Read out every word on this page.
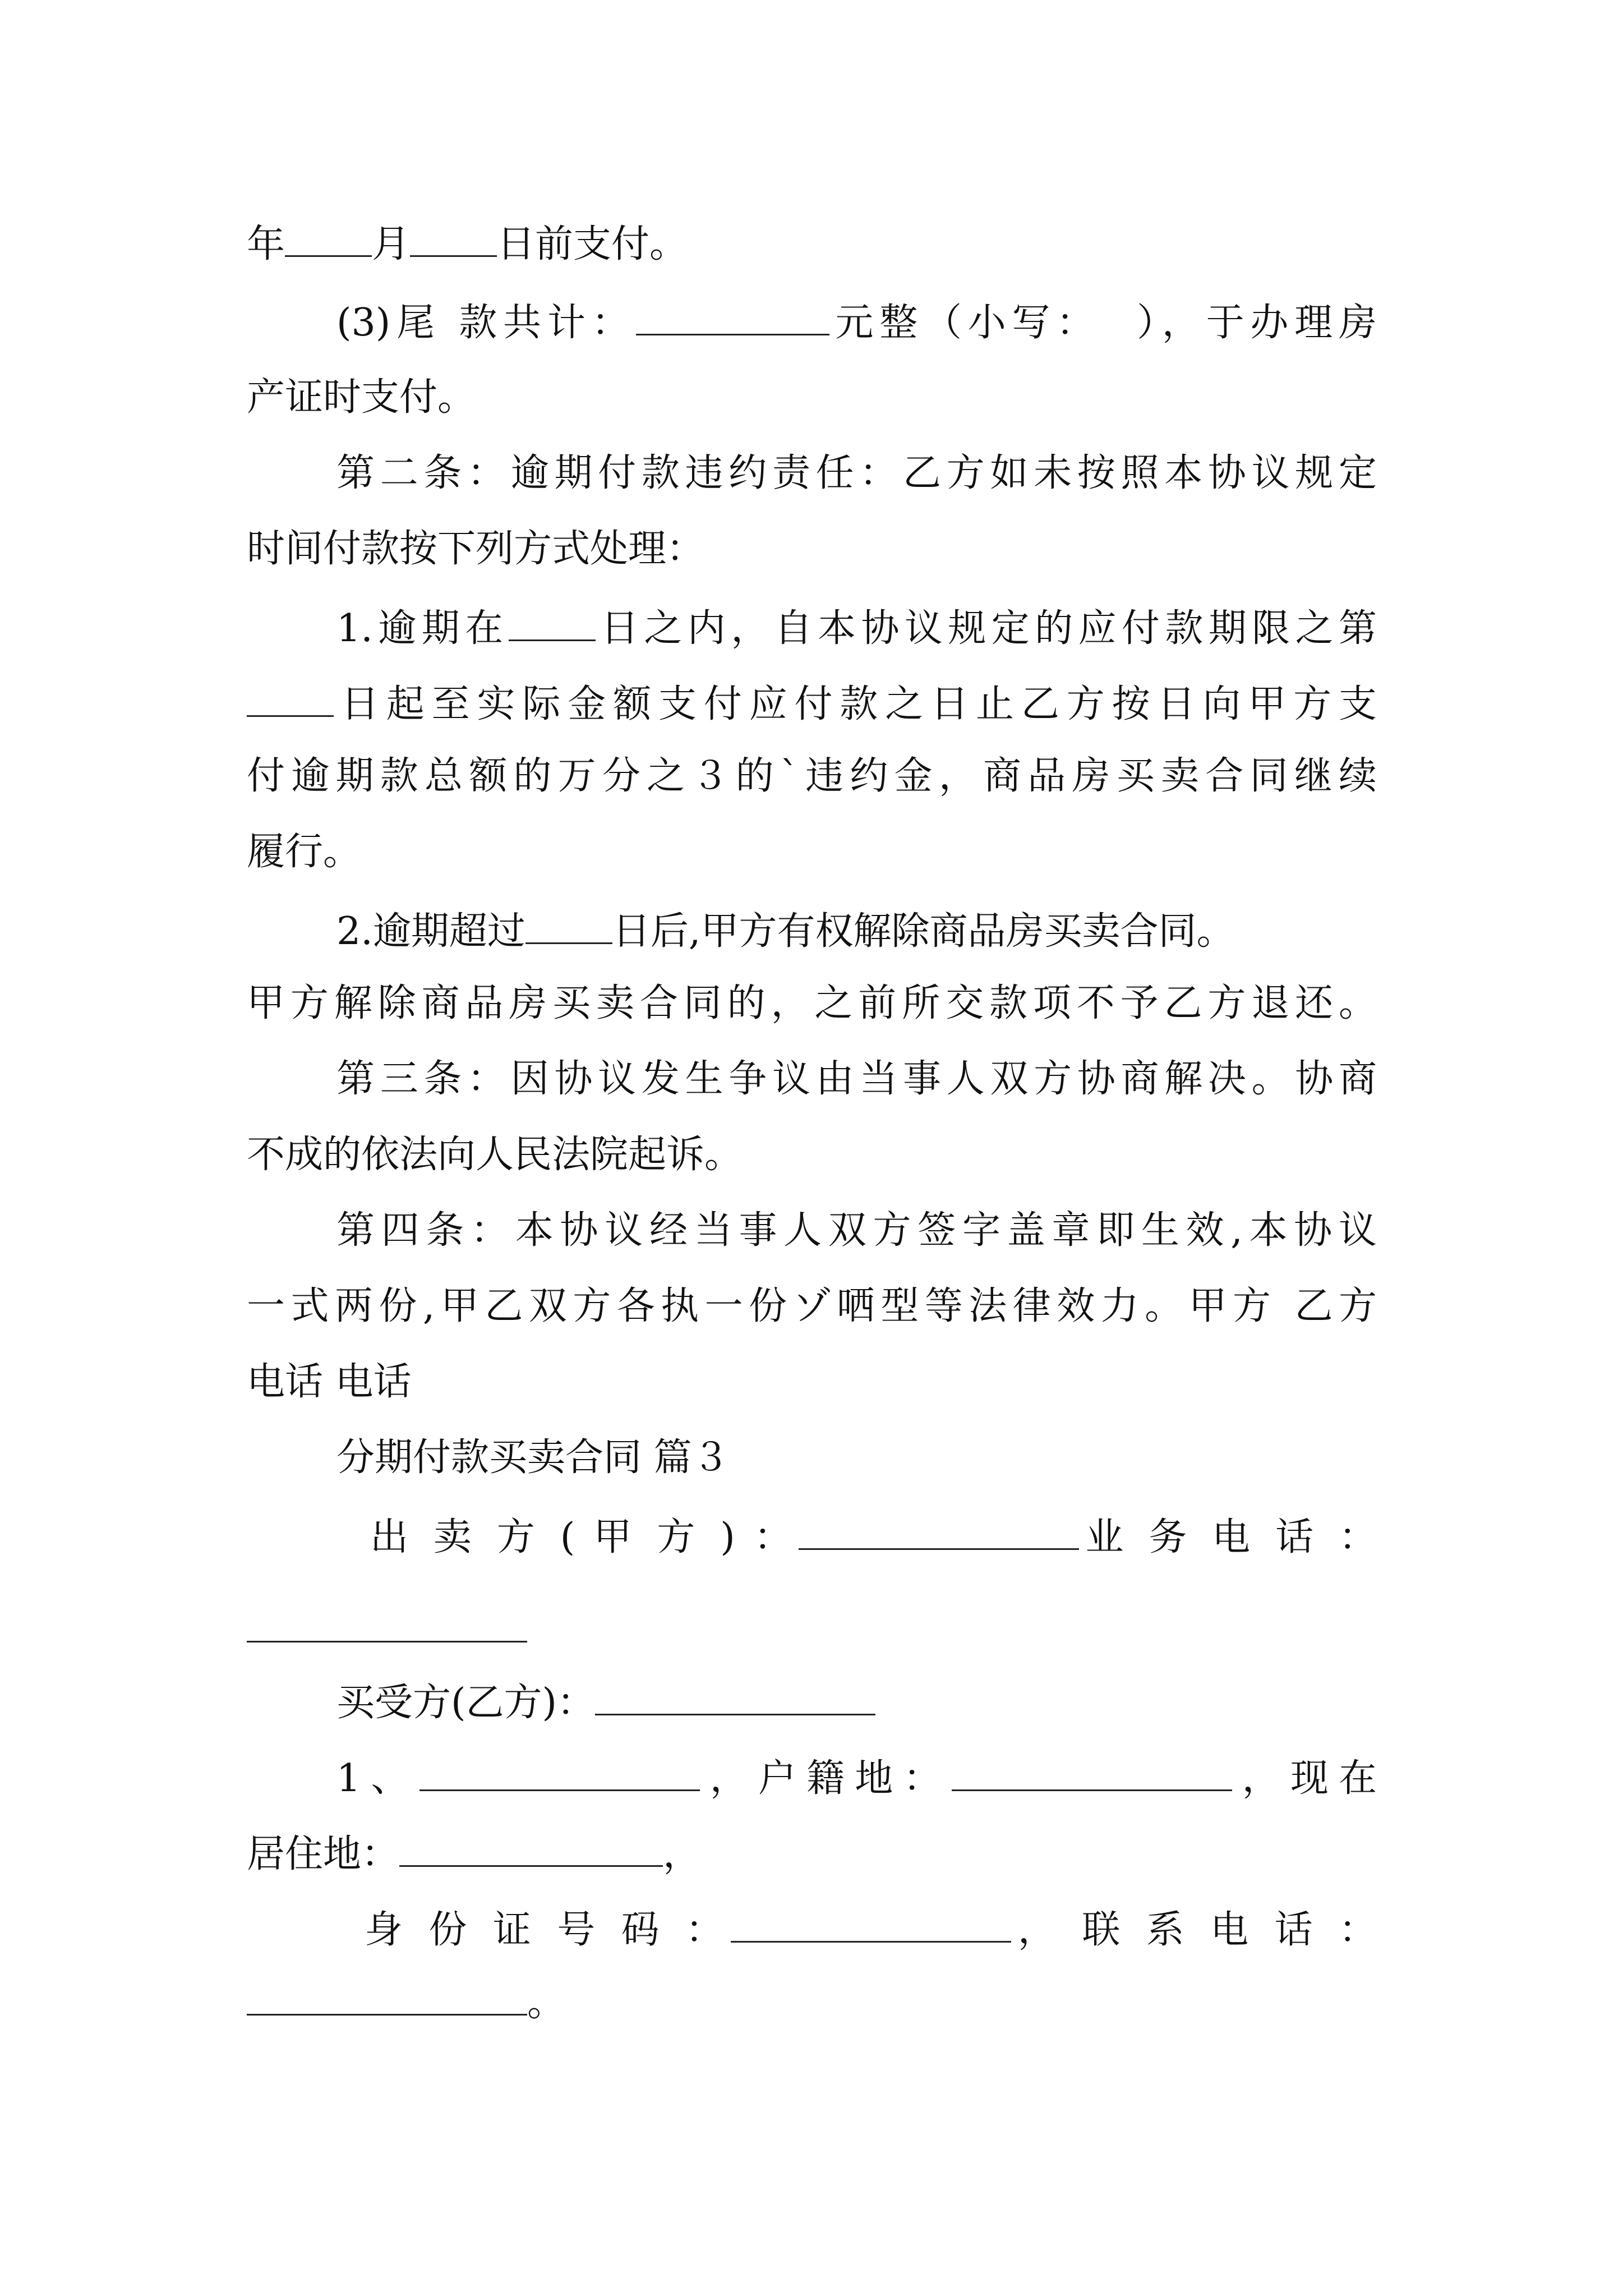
年 月 日前支付。

(3)尾 款共计：	元整（小写：  ），于办理房

产证时支付。

第二条：逾期付款违约责任：乙方如未按照本协议规定

时间付款按下列方式处理：

1.逾期在 日之内，自本协议规定的应付款期限之第

日起至实际金额支付应付款之日止乙方按日向甲方支

付逾期款总额的万分之３的`违约金，商品房买卖合同继续

履行。

2.逾期超过 日后,甲方有权解除商品房买卖合同。

甲方解除商品房买卖合同的，之前所交款项不予乙方退还。

第三条：因协议发生争议由当事人双方协商解决。协商

不成的依法向人民法院起诉。

第四条：本协议经当事人双方签字盖章即生效,本协议

一式两份,甲乙双方各执一份ゾ哂型等法律效力。甲方 乙方

电话 电话

分期付款买卖合同 篇３

出 卖 方 ( 甲 方 ) ：	业 务 电 话 ：

买受方(乙方)：

1、	，户籍地：	，现在

居住地：	，

身 份 证 号 码 ：	， 联 系 电 话 ：

。
